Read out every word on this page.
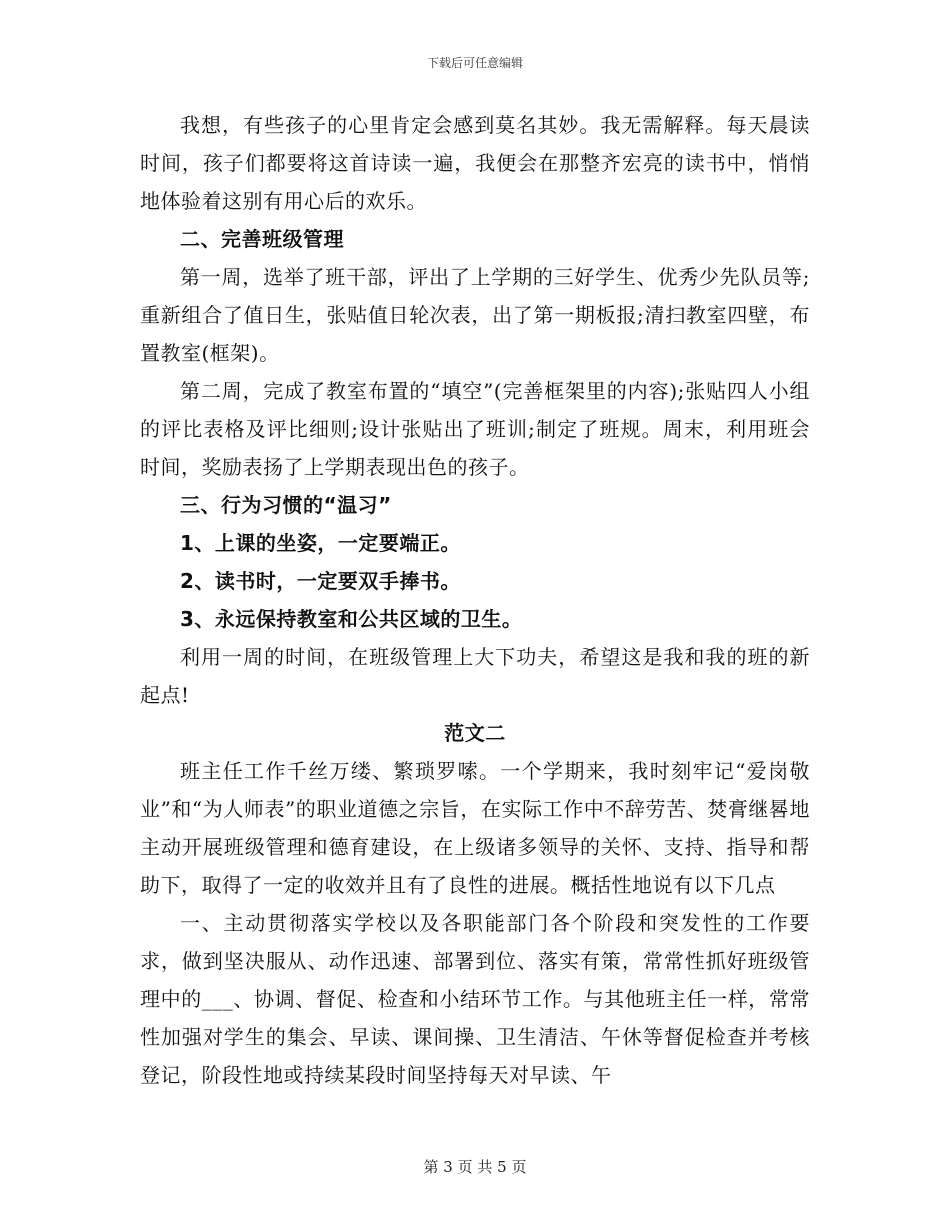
下载后可任意编辑

我想，有些孩子的心里肯定会感到莫名其妙。我无需解释。每天晨读时间，孩子们都要将这首诗读一遍，我便会在那整齐宏亮的读书中，悄悄地体验着这别有用心后的欢乐。

二、完善班级管理

第一周，选举了班干部，评出了上学期的三好学生、优秀少先队员等;重新组合了值日生，张贴值日轮次表，出了第一期板报;清扫教室四壁，布置教室(框架)。

第二周，完成了教室布置的“填空”(完善框架里的内容);张贴四人小组的评比表格及评比细则;设计张贴出了班训;制定了班规。周末，利用班会时间，奖励表扬了上学期表现出色的孩子。

三、行为习惯的“温习”

1、上课的坐姿，一定要端正。

2、读书时，一定要双手捧书。

3、永远保持教室和公共区域的卫生。

利用一周的时间，在班级管理上大下功夫，希望这是我和我的班的新起点!

范文二

班主任工作千丝万缕、繁琐罗嗦。一个学期来，我时刻牢记“爱岗敬业”和“为人师表”的职业道德之宗旨，在实际工作中不辞劳苦、焚膏继晷地主动开展班级管理和德育建设，在上级诸多领导的关怀、支持、指导和帮助下，取得了一定的收效并且有了良性的进展。概括性地说有以下几点

一、主动贯彻落实学校以及各职能部门各个阶段和突发性的工作要求，做到坚决服从、动作迅速、部署到位、落实有策，常常性抓好班级管理中的___、协调、督促、检查和小结环节工作。与其他班主任一样，常常性加强对学生的集会、早读、课间操、卫生清洁、午休等督促检查并考核登记，阶段性地或持续某段时间坚持每天对早读、午

第 3 页 共 5 页
